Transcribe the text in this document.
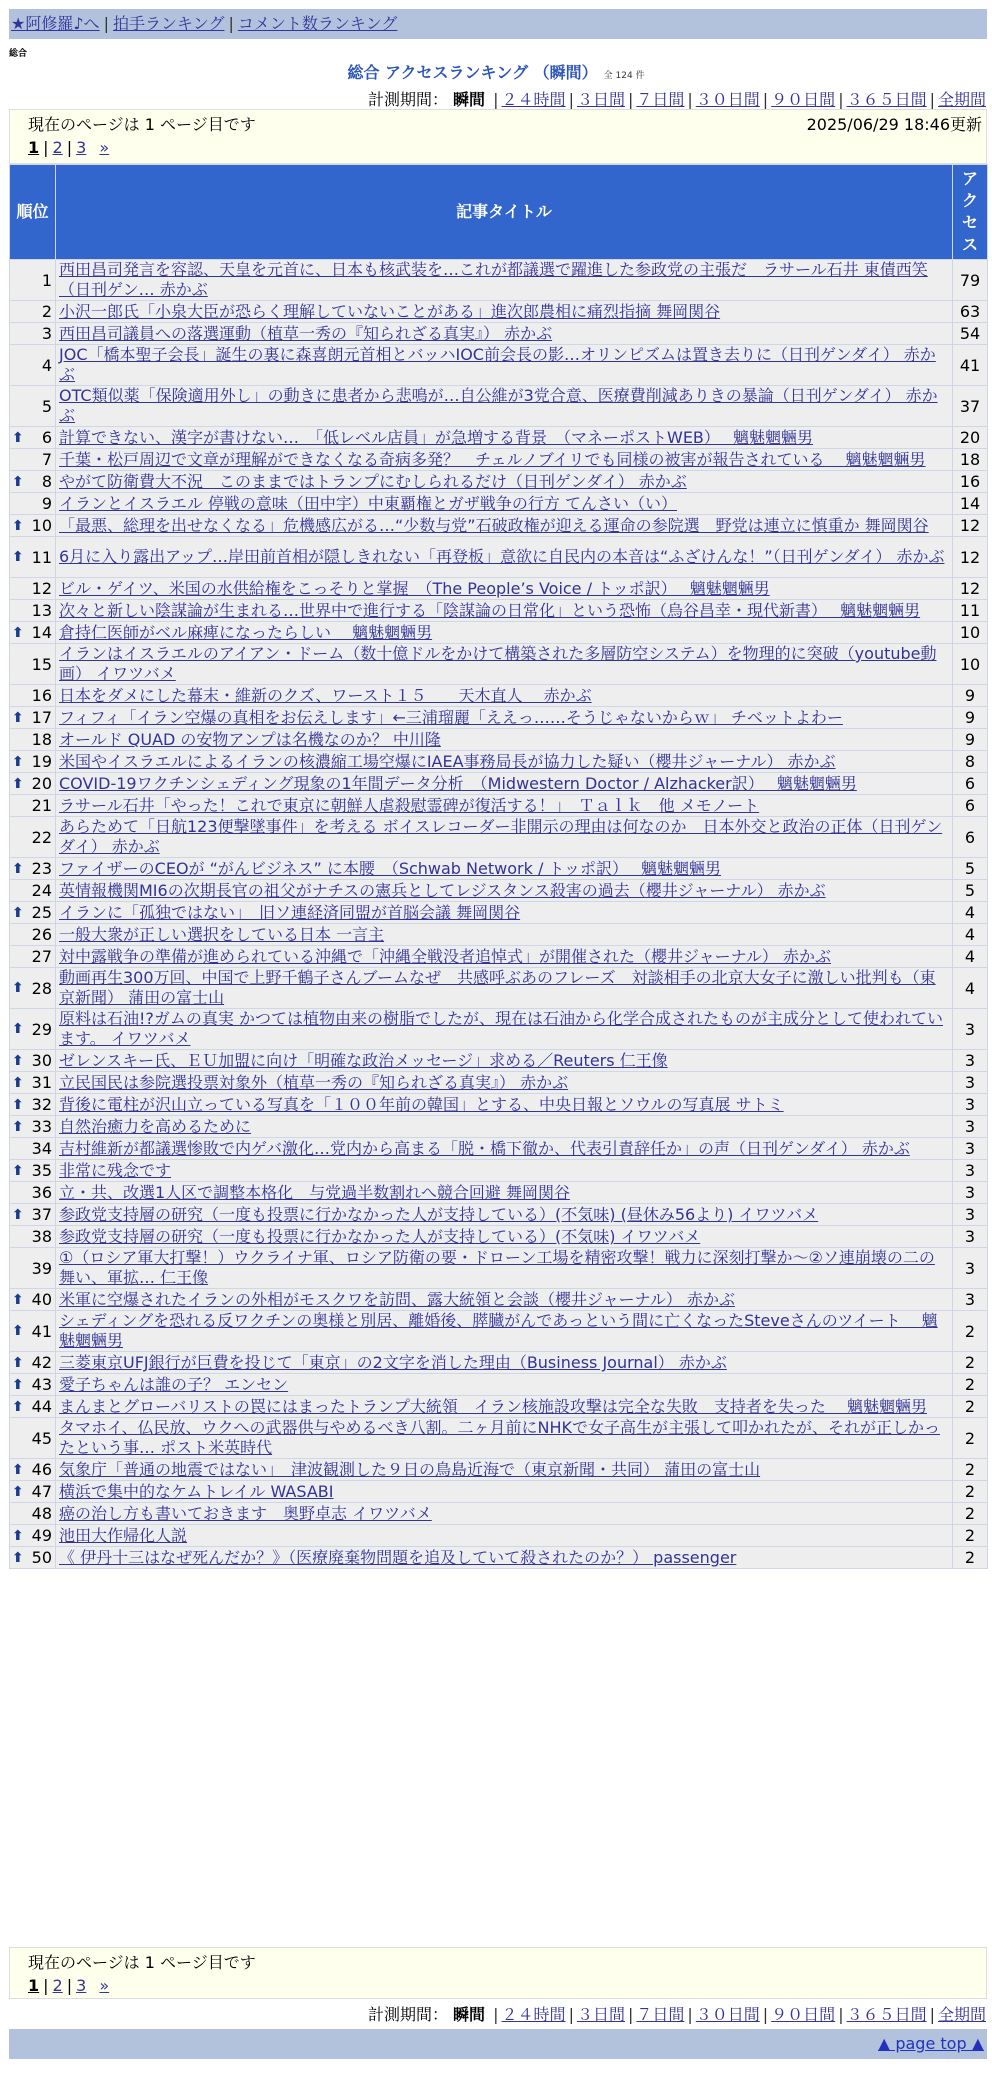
★阿修羅♪へ | 拍手ランキング | コメント数ランキング
総合
総合 アクセスランキング （瞬間） 全 124 件
計測期間： 瞬間 | ２４時間 | ３日間 | ７日間 | ３０日間 | ９０日間 | ３６５日間 | 全期間
現在のページは 1 ページ目です	2025/06/29 18:46更新
1 | 2 | 3 »
順位	記事タイトル	アクセス
1	西田昌司発言を容認、天皇を元首に、日本も核武装を…これが都議選で躍進した参政党の主張だ　ラサール石井 東債西笑（日刊ゲン… 赤かぶ	79
2	小沢一郎氏「小泉大臣が恐らく理解していないことがある」進次郎農相に痛烈指摘 舞岡関谷	63
3	西田昌司議員への落選運動（植草一秀の『知られざる真実』） 赤かぶ	54
4	JOC「橋本聖子会長」誕生の裏に森喜朗元首相とバッハIOC前会長の影…オリンピズムは置き去りに（日刊ゲンダイ） 赤かぶ	41
5	OTC類似薬「保険適用外し」の動きに患者から悲鳴が…自公維が3党合意、医療費削減ありきの暴論（日刊ゲンダイ） 赤かぶ	37

⬆ 6	計算できない、漢字が書けない…　「低レベル店員」が急増する背景　（マネーポストWEB）　 魑魅魍魎男	20
7	千葉・松戸周辺で文章が理解ができなくなる奇病多発？　チェルノブイリでも同様の被害が報告されている　 魑魅魍魎男	18

⬆ 8	やがて防衛費大不況　このままではトランプにむしられるだけ（日刊ゲンダイ） 赤かぶ	16
9	イランとイスラエル 停戦の意味（田中宇）中東覇権とガザ戦争の行方 てんさい（い）	14

⬆ 10	「最悪、総理を出せなくなる」危機感広がる…“少数与党”石破政権が迎える運命の参院選　野党は連立に慎重か 舞岡関谷	12

⬆ 11	6月に入り露出アップ…岸田前首相が隠しきれない「再登板」意欲に自民内の本音は“ふざけんな！”（日刊ゲンダイ） 赤かぶ	12
12	ビル・ゲイツ、米国の水供給権をこっそりと掌握　（The People’s Voice / トッポ訳）　 魑魅魍魎男	12
13	次々と新しい陰謀論が生まれる…世界中で進行する「陰謀論の日常化」という恐怖（烏谷昌幸・現代新書）　 魑魅魍魎男	11

⬆ 14	倉持仁医師がベル麻痺になったらしい　 魑魅魍魎男	10
15	イランはイスラエルのアイアン・ドーム（数十億ドルをかけて構築された多層防空システム）を物理的に突破（youtube動画） イワツバメ	10
16	日本をダメにした幕末・維新のクズ、ワースト１５　　天木直人　 赤かぶ	9

⬆ 17	フィフィ「イラン空爆の真相をお伝えします」←三浦瑠麗「ええっ……そうじゃないからｗ」 チベットよわー	9
18	オールド QUAD の安物アンプは名機なのか？ 中川隆	9

⬆ 19	米国やイスラエルによるイランの核濃縮工場空爆にIAEA事務局長が協力した疑い（櫻井ジャーナル） 赤かぶ	8

⬆ 20	COVID-19ワクチンシェディング現象の1年間データ分析　（Midwestern Doctor / Alzhacker訳）　 魑魅魍魎男	6
21	ラサール石井「やった！これで東京に朝鮮人虐殺慰霊碑が復活する！」　Ｔａｌｋ　他 メモノート	6
22	あらためて「日航123便撃墜事件」を考える ボイスレコーダー非開示の理由は何なのか　日本外交と政治の正体（日刊ゲンダイ） 赤かぶ	6

⬆ 23	ファイザーのCEOが “がんビジネス” に本腰　（Schwab Network / トッポ訳）　 魑魅魍魎男	5
24	英情報機関MI6の次期長官の祖父がナチスの憲兵としてレジスタンス殺害の過去（櫻井ジャーナル） 赤かぶ	5

⬆ 25	イランに「孤独ではない」　旧ソ連経済同盟が首脳会議 舞岡関谷	4
26	一般大衆が正しい選択をしている日本 一言主	4
27	対中露戦争の準備が進められている沖縄で「沖縄全戦没者追悼式」が開催された（櫻井ジャーナル） 赤かぶ	4

⬆ 28	動画再生300万回、中国で上野千鶴子さんブームなぜ　共感呼ぶあのフレーズ　対談相手の北京大女子に激しい批判も（東京新聞） 蒲田の富士山	4

⬆ 29	原料は石油!?ガムの真実 かつては植物由来の樹脂でしたが、現在は石油から化学合成されたものが主成分として使われています。 イワツバメ	3

⬆ 30	ゼレンスキー氏、ＥＵ加盟に向け「明確な政治メッセージ」求める／Reuters 仁王像	3

⬆ 31	立民国民は参院選投票対象外（植草一秀の『知られざる真実』） 赤かぶ	3

⬆ 32	背後に電柱が沢山立っている写真を「１００年前の韓国」とする、中央日報とソウルの写真展 サトミ	3

⬆ 33	自然治癒力を高めるために	3
34	吉村維新が都議選惨敗で内ゲバ激化…党内から高まる「脱・橋下徹か、代表引責辞任か」の声（日刊ゲンダイ） 赤かぶ	3

⬆ 35	非常に残念です	3
36	立・共、改選1人区で調整本格化　与党過半数割れへ競合回避 舞岡関谷	3

⬆ 37	参政党支持層の研究（一度も投票に行かなかった人が支持している）(不気味) (昼休み56より) イワツバメ	3
38	参政党支持層の研究（一度も投票に行かなかった人が支持している）(不気味) イワツバメ	3
39	①（ロシア軍大打撃！）ウクライナ軍、ロシア防衛の要・ドローン工場を精密攻撃！戦力に深刻打撃か～②ソ連崩壊の二の舞い、軍拡… 仁王像	3

⬆ 40	米軍に空爆されたイランの外相がモスクワを訪問、露大統領と会談（櫻井ジャーナル） 赤かぶ	3

⬆ 41	シェディングを恐れる反ワクチンの奥様と別居、離婚後、膵臓がんであっという間に亡くなったSteveさんのツイート　 魑魅魍魎男	2

⬆ 42	三菱東京UFJ銀行が巨費を投じて「東京」の2文字を消した理由（Business Journal） 赤かぶ	2

⬆ 43	愛子ちゃんは誰の子？ エンセン	2

⬆ 44	まんまとグローバリストの罠にはまったトランプ大統領　イラン核施設攻撃は完全な失敗　支持者を失った　 魑魅魍魎男	2
45	タマホイ、仏民放、ウクへの武器供与やめるべき八割。二ヶ月前にNHKで女子高生が主張して叩かれたが、それが正しかったという事… ポスト米英時代	2

⬆ 46	気象庁「普通の地震ではない」　津波観測した９日の鳥島近海で（東京新聞・共同） 蒲田の富士山	2

⬆ 47	横浜で集中的なケムトレイル WASABI	2
48	癌の治し方も書いておきます　奥野卓志 イワツバメ	2

⬆ 49	池田大作帰化人説	2

⬆ 50	《 伊丹十三はなぜ死んだか？》（医療廃棄物問題を追及していて殺されたのか？） passenger	2
現在のページは 1 ページ目です
1 | 2 | 3 »
計測期間： 瞬間 | ２４時間 | ３日間 | ７日間 | ３０日間 | ９０日間 | ３６５日間 | 全期間
▲ page top ▲
